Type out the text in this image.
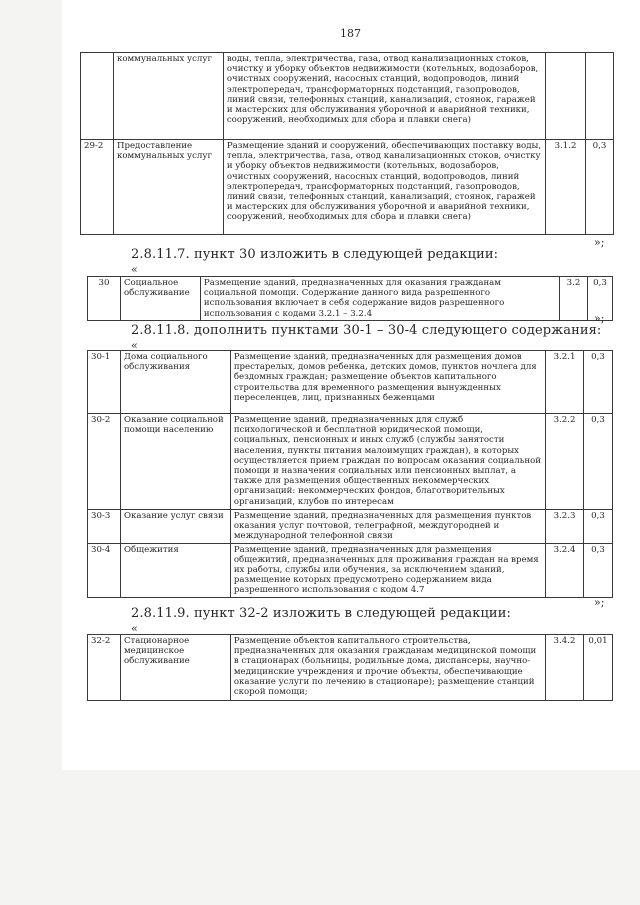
187
	коммунальных услуг	воды, тепла, электричества, газа, отвод канализационных стоков, очистку и уборку объектов недвижимости (котельных, водозаборов, очистных сооружений, насосных станций, водопроводов, линий электропередач, трансформаторных подстанций, газопроводов, линий связи, телефонных станций, канализаций, стоянок, гаражей и мастерских для обслуживания уборочной и аварийной техники, сооружений, необходимых для сбора и плавки снега)		
29-2	Предоставление коммунальных услуг	Размещение зданий и сооружений, обеспечивающих поставку воды, тепла, электричества, газа, отвод канализационных стоков, очистку и уборку объектов недвижимости (котельных, водозаборов, очистных сооружений, насосных станций, водопроводов, линий электропередач, трансформаторных подстанций, газопроводов, линий связи, телефонных станций, канализаций, стоянок, гаражей и мастерских для обслуживания уборочной и аварийной техники, сооружений, необходимых для сбора и плавки снега)	3.1.2	0,3
»;
2.8.11.7. пункт 30 изложить в следующей редакции:
«
30	Социальное обслуживание	Размещение зданий, предназначенных для оказания гражданам социальной помощи. Содержание данного вида разрешенного использования включает в себя содержание видов разрешенного использования с кодами 3.2.1 – 3.2.4	3.2	0,3
»;
2.8.11.8. дополнить пунктами 30-1 – 30-4 следующего содержания:
«
30-1	Дома социального обслуживания	Размещение зданий, предназначенных для размещения домов престарелых, домов ребенка, детских домов, пунктов ночлега для бездомных граждан; размещение объектов капитального строительства для временного размещения вынужденных переселенцев, лиц, признанных беженцами	3.2.1	0,3
30-2	Оказание социальной помощи населению	Размещение зданий, предназначенных для служб психологической и бесплатной юридической помощи, социальных, пенсионных и иных служб (службы занятости населения, пункты питания малоимущих граждан), в которых осуществляется прием граждан по вопросам оказания социальной помощи и назначения социальных или пенсионных выплат, а также для размещения общественных некоммерческих организаций: некоммерческих фондов, благотворительных организаций, клубов по интересам	3.2.2	0,3
30-3	Оказание услуг связи	Размещение зданий, предназначенных для размещения пунктов оказания услуг почтовой, телеграфной, междугородней и международной телефонной связи	3.2.3	0,3
30-4	Общежития	Размещение зданий, предназначенных для размещения общежитий, предназначенных для проживания граждан на время их работы, службы или обучения, за исключением зданий, размещение которых предусмотрено содержанием вида разрешенного использования с кодом 4.7	3.2.4	0,3
»;
2.8.11.9. пункт 32-2 изложить в следующей редакции:
«
32-2	Стационарное медицинское обслуживание	Размещение объектов капитального строительства, предназначенных для оказания гражданам медицинской помощи в стационарах (больницы, родильные дома, диспансеры, научно-медицинские учреждения и прочие объекты, обеспечивающие оказание услуги по лечению в стационаре); размещение станций скорой помощи;	3.4.2	0,01
